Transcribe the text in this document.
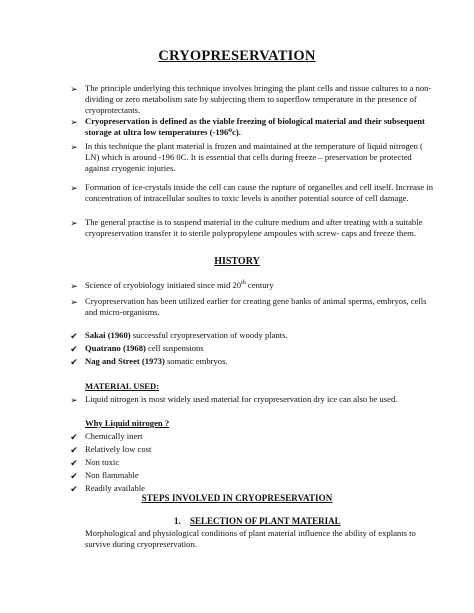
CRYOPRESERVATION
➢ The principle underlying this technique involves bringing the plant cells and tissue cultures to a non-dividing or zero metabolism sate by subjecting them to superflow temperature in the presence of cryoprotectants.
➢ Cryopreservation is defined as the viable freezing of biological material and their subsequent storage at ultra low temperatures (-196⁰c).
➢ In this technique the plant material is frozen and maintained at the temperature of liquid nitrogen ( LN) which is around -196 0C. It is essential that cells during freeze – preservation be protected against cryogenic injuries.
➢ Formation of ice-crystals inside the cell can cause the rupture of organelles and cell itself. Increase in concentration of intracellular soultes to toxic levels is another potential source of cell damage.
➢ The general practise is to suspend material in the culture medium and after treating with a suitable cryopreservation transfer it to sterile polypropylene ampoules with screw- caps and freeze them.
HISTORY
➢ Science of cryobiology initiated since mid 20th century
➢ Cryopreservation has been utilized earlier for creating gene banks of animal sperms, embryos, cells and micro-organisms.
✔ Sakai (1960) successful cryopreservation of woody plants.
✔ Quatrano (1968) cell suspensions
✔ Nag and Street (1973) somatic embryos.
MATERIAL USED:
➢ Liquid nitrogen is most widely used material for cryopreservation dry ice can also be used.
Why Liquid nitrogen ?
✔ Chemically inert
✔ Relatively low cost
✔ Non toxic
✔ Non flammable
✔ Readily available
STEPS INVOLVED IN CRYOPRESERVATION
1. SELECTION OF PLANT MATERIAL
Morphological and physiological conditions of plant material influence the ability of explants to survive during cryopreservation.
